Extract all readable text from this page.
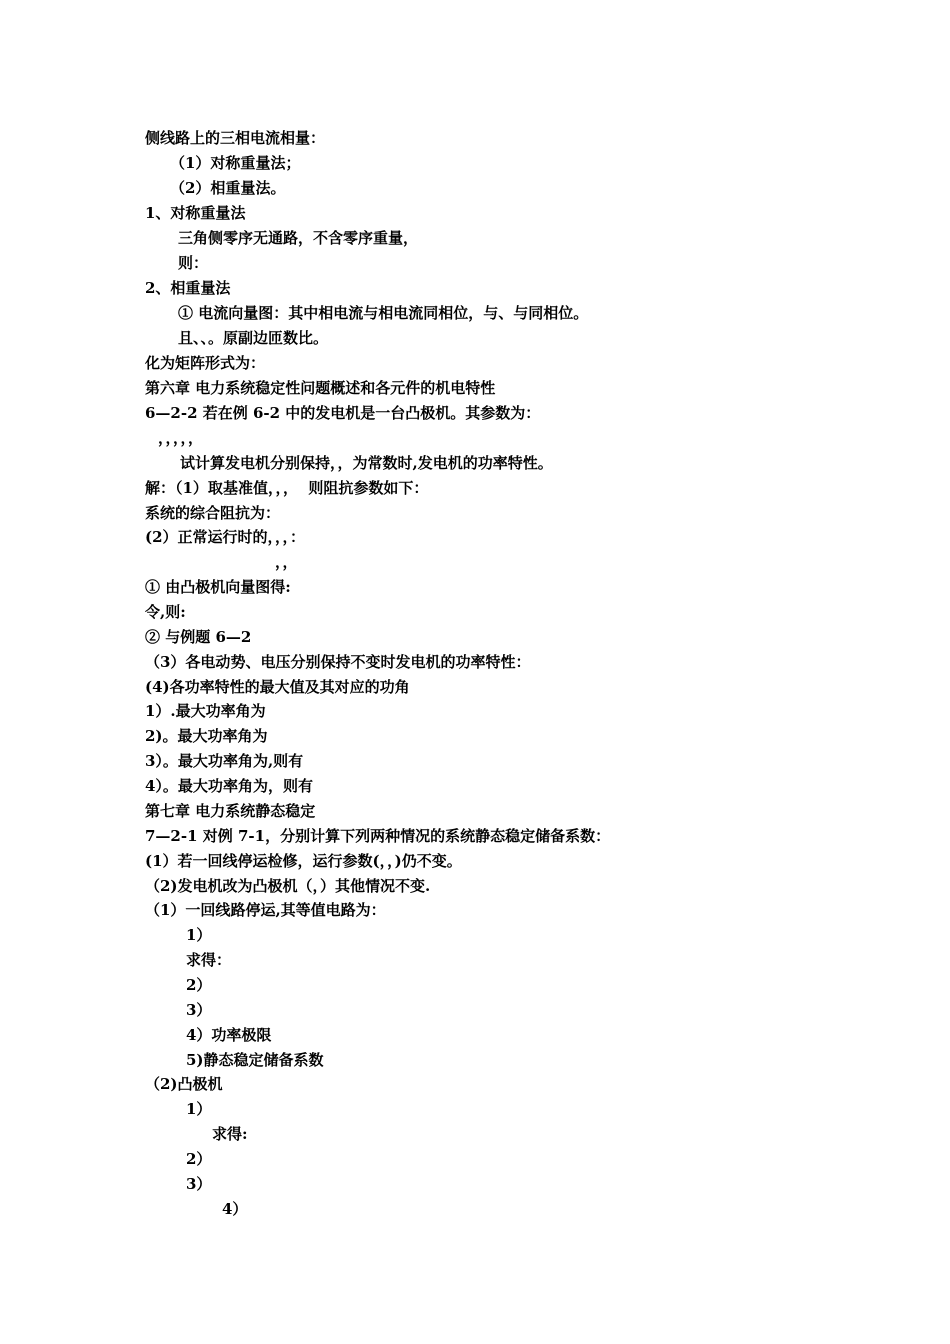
侧线路上的三相电流相量：
（1）对称重量法；
（2）相重量法。
1、对称重量法
三角侧零序无通路，不含零序重量，
则：
2、相重量法
① 电流向量图：其中相电流与相电流同相位，与、与同相位。
且、、。原副边匝数比。
化为矩阵形式为：
第六章 电力系统稳定性问题概述和各元件的机电特性
6—2-2 若在例 6-2 中的发电机是一台凸极机。其参数为：
，，，，，
试计算发电机分别保持，，为常数时,发电机的功率特性。
解：（1）取基准值，，，  则阻抗参数如下：
系统的综合阻抗为：
(2）正常运行时的，，，：
，，
① 由凸极机向量图得:
令,则:
② 与例题 6—2
（3）各电动势、电压分别保持不变时发电机的功率特性：
(4)各功率特性的最大值及其对应的功角
1）.最大功率角为
2)。最大功率角为
3）。最大功率角为,则有
4）。最大功率角为，则有
第七章 电力系统静态稳定
7—2-1 对例 7-1，分别计算下列两种情况的系统静态稳定储备系数：
(1）若一回线停运检修，运行参数(，，)仍不变。
（2)发电机改为凸极机（，）其他情况不变.
（1）一回线路停运,其等值电路为：
1）
求得：
2）
3）
4）功率极限
5)静态稳定储备系数
（2)凸极机
1）
求得:
2）
3）
4）
